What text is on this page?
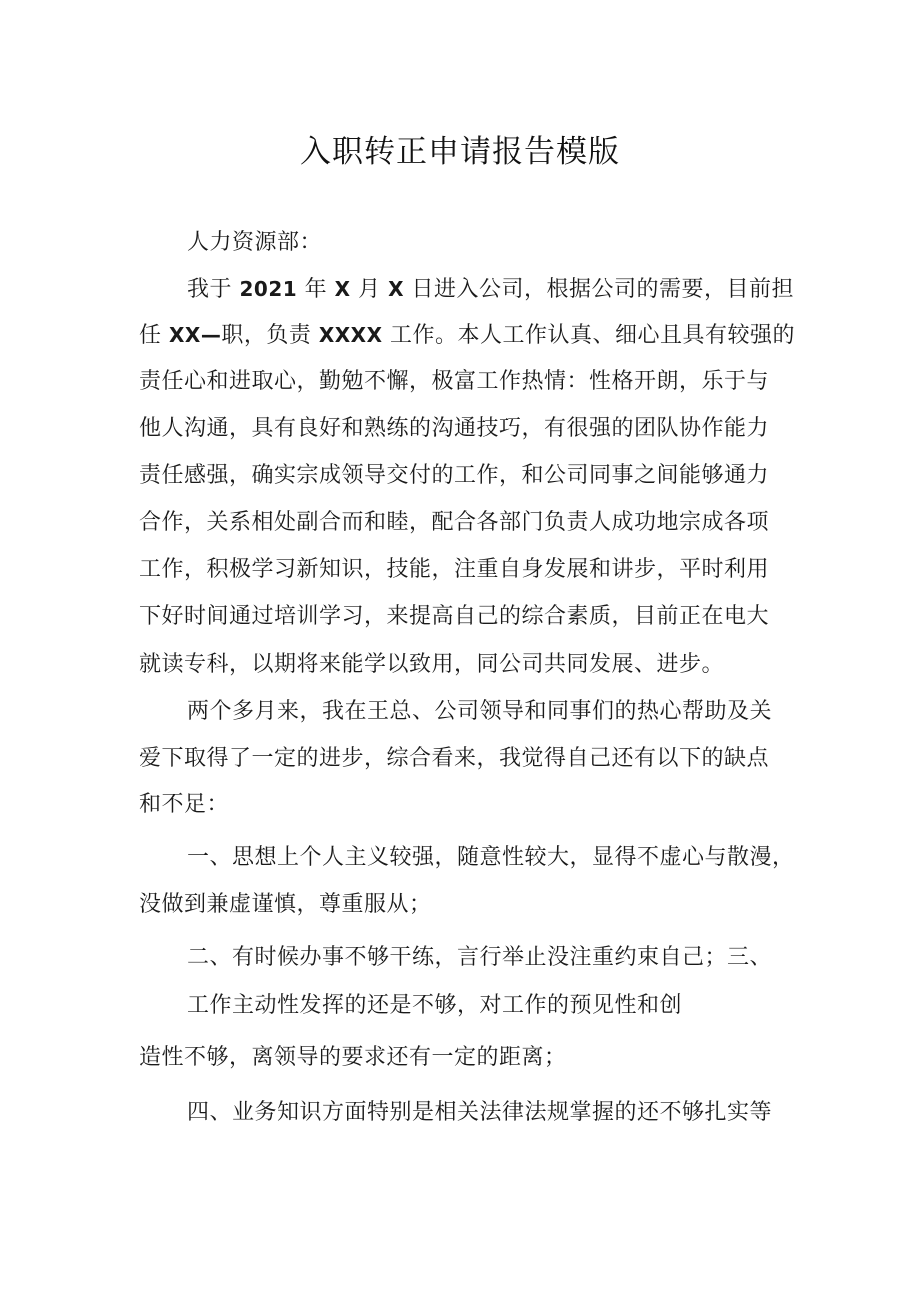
入职转正申请报告模版
人力资源部：
我于 2021 年 X 月 X 日进入公司，根据公司的需要，目前担
任 XX—职，负责 XXXX 工作。本人工作认真、细心且具有较强的
责任心和进取心，勤勉不懈，极富工作热情：性格开朗，乐于与
他人沟通，具有良好和熟练的沟通技巧，有很强的团队协作能力
责任感强，确实宗成领导交付的工作，和公司同事之间能够通力
合作，关系相处副合而和睦，配合各部门负责人成功地宗成各项
工作，积极学习新知识，技能，注重自身发展和讲步，平时利用
下好时间通过培训学习，来提高自己的综合素质，目前正在电大
就读专科，以期将来能学以致用，同公司共同发展、进步。
两个多月来，我在王总、公司领导和同事们的热心帮助及关
爱下取得了一定的进步，综合看来，我觉得自己还有以下的缺点
和不足：
一、思想上个人主义较强，随意性较大，显得不虚心与散漫，
没做到兼虚谨慎，尊重服从；
二、有时候办事不够干练，言行举止没注重约束自己；三、
工作主动性发挥的还是不够，对工作的预见性和创
造性不够，离领导的要求还有一定的距离；
四、业务知识方面特别是相关法律法规掌握的还不够扎实等
